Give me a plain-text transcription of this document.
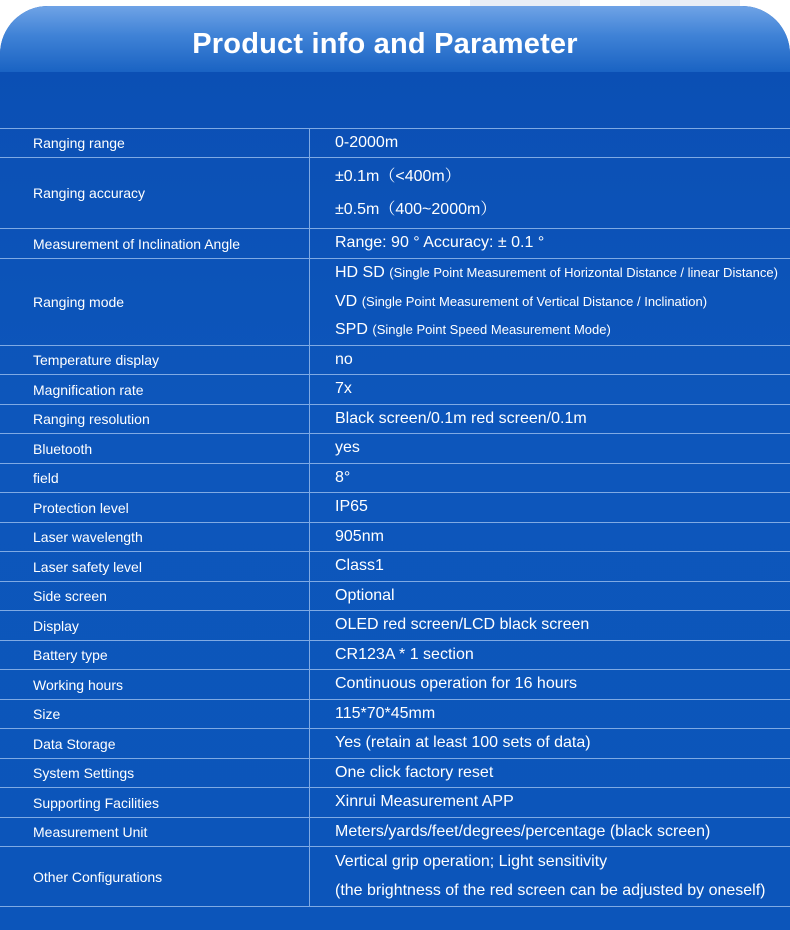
Product info and Parameter
Ranging range	0-2000m

Ranging accuracy	±0.1m（<400m）
±0.5m（400~2000m）

Measurement of Inclination Angle	Range: 90 ° Accuracy: ± 0.1 °

Ranging mode	HD SD (Single Point Measurement of Horizontal Distance / linear Distance)
VD (Single Point Measurement of Vertical Distance / Inclination)
SPD (Single Point Speed Measurement Mode)

Temperature display	no

Magnification rate	7x

Ranging resolution	Black screen/0.1m red screen/0.1m

Bluetooth	yes

field	8°

Protection level	IP65

Laser wavelength	905nm

Laser safety level	Class1

Side screen	Optional

Display	OLED red screen/LCD black screen

Battery type	CR123A * 1 section

Working hours	Continuous operation for 16 hours

Size	115*70*45mm

Data Storage	Yes (retain at least 100 sets of data)

System Settings	One click factory reset

Supporting Facilities	Xinrui Measurement APP

Measurement Unit	Meters/yards/feet/degrees/percentage (black screen)

Other Configurations	Vertical grip operation; Light sensitivity
(the brightness of the red screen can be adjusted by oneself)
